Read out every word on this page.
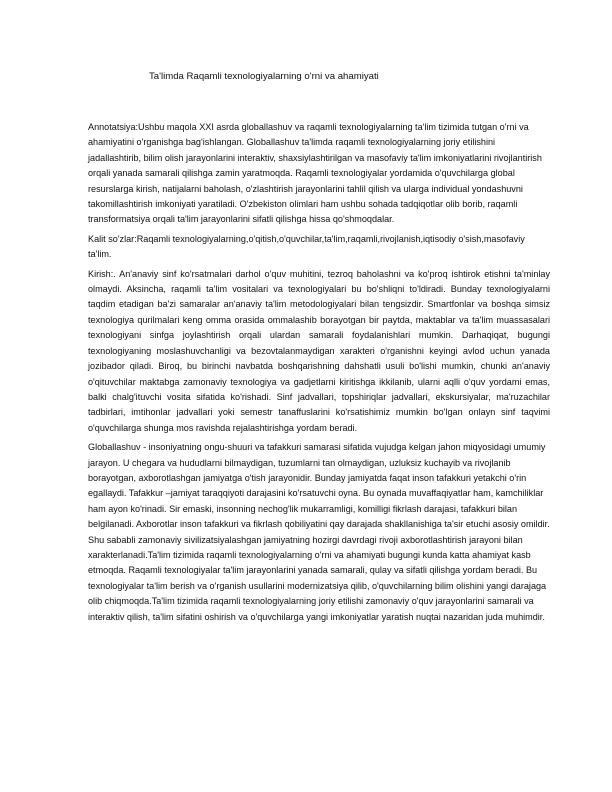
Ta'limda Raqamli texnologiyalarning o'rni va ahamiyati

Annotatsiya:Ushbu maqola XXI asrda globallashuv va raqamli texnologiyalarning ta'lim tizimida tutgan o'rni va ahamiyatini o'rganishga bag'ishlangan. Globallashuv ta'limda raqamli texnologiyalarning joriy etilishini jadallashtirib, bilim olish jarayonlarini interaktiv, shaxsiylashtirilgan va masofaviy ta'lim imkoniyatlarini rivojlantirish orqali yanada samarali qilishga zamin yaratmoqda. Raqamli texnologiyalar yordamida o'quvchilarga global resurslarga kirish, natijalarni baholash, o'zlashtirish jarayonlarini tahlil qilish va ularga individual yondashuvni takomillashtirish imkoniyati yaratiladi. O'zbekiston olimlari ham ushbu sohada tadqiqotlar olib borib, raqamli transformatsiya orqali ta'lim jarayonlarini sifatli qilishga hissa qo'shmoqdalar.

Kalit so'zlar:Raqamli texnologiyalarning,o'qitish,o'quvchilar,ta'lim,raqamli,rivojlanish,iqtisodiy o'sish,masofaviy ta'lim.

Kirish:. An'anaviy sinf ko'rsatmalari darhol o'quv muhitini, tezroq baholashni va ko'proq ishtirok etishni ta'minlay olmaydi. Aksincha, raqamli ta'lim vositalari va texnologiyalari bu bo'shliqni to'ldiradi. Bunday texnologiyalarni taqdim etadigan ba'zi samaralar an'anaviy ta'lim metodologiyalari bilan tengsizdir. Smartfonlar va boshqa simsiz texnologiya qurilmalari keng omma orasida ommalashib borayotgan bir paytda, maktablar va ta'lim muassasalari texnologiyani sinfga joylashtirish orqali ulardan samarali foydalanishlari mumkin. Darhaqiqat, bugungi texnologiyaning moslashuvchanligi va bezovtalanmaydigan xarakteri o'rganishni keyingi avlod uchun yanada jozibador qiladi. Biroq, bu birinchi navbatda boshqarishning dahshatli usuli bo'lishi mumkin, chunki an'anaviy o'qituvchilar maktabga zamonaviy texnologiya va gadjetlarni kiritishga ikkilanib, ularni aqlli o'quv yordami emas, balki chalg'ituvchi vosita sifatida ko'rishadi. Sinf jadvallari, topshiriqlar jadvallari, ekskursiyalar, ma'ruzachilar tadbirlari, imtihonlar jadvallari yoki semestr tanaffuslarini ko'rsatishimiz mumkin bo'lgan onlayn sinf taqvimi o'quvchilarga shunga mos ravishda rejalashtirishga yordam beradi.

Globallashuv - insoniyatning ongu-shuuri va tafakkuri samarasi sifatida vujudga kelgan jahon miqyosidagi umumiy jarayon. U chegara va hududlarni bilmaydigan, tuzumlarni tan olmaydigan, uzluksiz kuchayib va rivojlanib borayotgan, axborotlashgan jamiyatga o'tish jarayonidir. Bunday jamiyatda faqat inson tafakkuri yetakchi o'rin egallaydi. Tafakkur –jamiyat taraqqiyoti darajasini ko'rsatuvchi oyna. Bu oynada muvaffaqiyatlar ham, kamchiliklar ham ayon ko'rinadi. Sir emaski, insonning nechog'lik mukarramligi, komilligi fikrlash darajasi, tafakkuri bilan belgilanadi. Axborotlar inson tafakkuri va fikrlash qobiliyatini qay darajada shakllanishiga ta'sir etuchi asosiy omildir. Shu sababli zamonaviy sivilizatsiyalashgan jamiyatning hozirgi davrdagi rivoji axborotlashtirish jarayoni bilan xarakterlanadi.Ta'lim tizimida raqamli texnologiyalarning o'rni va ahamiyati bugungi kunda katta ahamiyat kasb etmoqda. Raqamli texnologiyalar ta'lim jarayonlarini yanada samarali, qulay va sifatli qilishga yordam beradi. Bu texnologiyalar ta'lim berish va o'rganish usullarini modernizatsiya qilib, o'quvchilarning bilim olishini yangi darajaga olib chiqmoqda.Ta'lim tizimida raqamli texnologiyalarning joriy etilishi zamonaviy o'quv jarayonlarini samarali va interaktiv qilish, ta'lim sifatini oshirish va o'quvchilarga yangi imkoniyatlar yaratish nuqtai nazaridan juda muhimdir.
